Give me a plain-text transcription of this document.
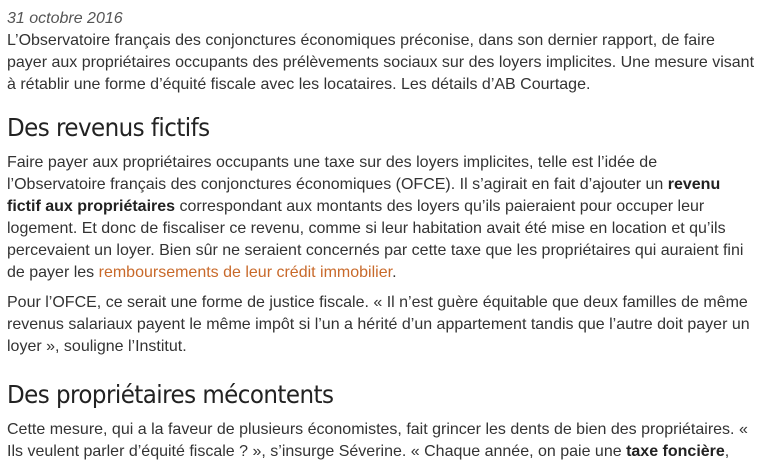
31 octobre 2016

L’Observatoire français des conjonctures économiques préconise, dans son dernier rapport, de faire payer aux propriétaires occupants des prélèvements sociaux sur des loyers implicites. Une mesure visant à rétablir une forme d’équité fiscale avec les locataires. Les détails d’AB Courtage.

Des revenus fictifs

Faire payer aux propriétaires occupants une taxe sur des loyers implicites, telle est l’idée de l’Observatoire français des conjonctures économiques (OFCE). Il s’agirait en fait d’ajouter un revenu fictif aux propriétaires correspondant aux montants des loyers qu’ils paieraient pour occuper leur logement. Et donc de fiscaliser ce revenu, comme si leur habitation avait été mise en location et qu’ils percevaient un loyer. Bien sûr ne seraient concernés par cette taxe que les propriétaires qui auraient fini de payer les remboursements de leur crédit immobilier.

Pour l’OFCE, ce serait une forme de justice fiscale. « Il n’est guère équitable que deux familles de même revenus salariaux payent le même impôt si l’un a hérité d’un appartement tandis que l’autre doit payer un loyer », souligne l’Institut.

Des propriétaires mécontents

Cette mesure, qui a la faveur de plusieurs économistes, fait grincer les dents de bien des propriétaires. « Ils veulent parler d’équité fiscale ? », s’insurge Séverine. « Chaque année, on paie une taxe foncière,
